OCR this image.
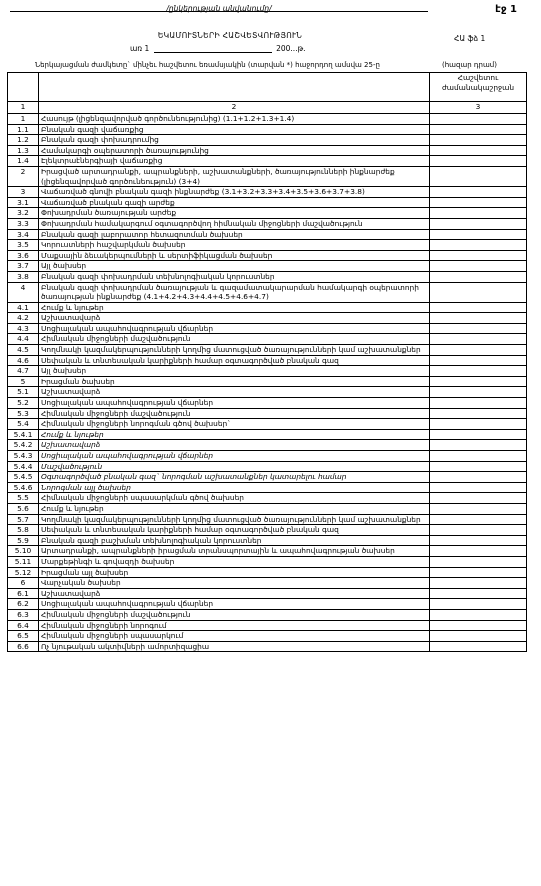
/ընկերության անվանումը/	էջ 1
ԵԿԱՄՈՒՏՆԵՐԻ ՀԱՇՎԵՏՎՈՒԹՅՈՒՆ
առ 1	200...թ.
ՀԱ ֆձ 1
Ներկայացման ժամկետը` մինչեւ հաշվետու եռամսյակին (տարվան *) հաջորդող ամսվա 25-ը	(հազար դրամ)
		Հաշվետու ժամանակաշրջան
1	2	3
1	Հասույթ (լիցենզավորված գործունեությունից) (1.1+1.2+1.3+1.4)	
1.1	Բնական գազի վաճառքից	
1.2	Բնական գազի փոխադրումից	
1.3	Համակարգի օպերատորի ծառայությունից	
1.4	Էլեկտրաէներգիայի վաճառքից	
2	Իրացված արտադրանքի, ապրանքների, աշխատանքների, ծառայությունների ինքնարժեք (լիցենզավորված գործունեություն) (3+4)	
3	Վաճառված գնովի բնական գազի ինքնարժեք (3.1+3.2+3.3+3.4+3.5+3.6+3.7+3.8)	
3.1	Վաճառված բնական գազի արժեք	
3.2	Փոխադրման ծառայության արժեք	
3.3	Փոխադրման համակարգում օգտագործվող հիմնական միջոցների մաշվածություն	
3.4	Բնական գազի լաբորատոր հետազոտման ծախսեր	
3.5	Կորուստների հաշվարկման ծախսեր	
3.6	Մաքսային ձեւակերպումների և սերտիֆիկացման ծախսեր	
3.7	Այլ ծախսեր	
3.8	Բնական գազի փոխադրման տեխնոլոգիական կորուստներ	
4	Բնական գազի փոխադրման ծառայության և գազամատակարարման համակարգի օպերատորի ծառայության ինքնարժեք (4.1+4.2+4.3+4.4+4.5+4.6+4.7)	
4.1	Հումք և նյութեր	
4.2	Աշխատավարձ	
4.3	Սոցիալական ապահովագրության վճարներ	
4.4	Հիմնական միջոցների մաշվածություն	
4.5	Կողմնակի կազմակերպությունների կողմից մատուցված ծառայությունների կամ աշխատանքներ	
4.6	Սեփական և տնտեսական կարիքների համար օգտագործված բնական գազ	
4.7	Այլ ծախսեր	
5	Իրացման ծախսեր	
5.1	Աշխատավարձ	
5.2	Սոցիալական ապահովագրության վճարներ	
5.3	Հիմնական միջոցների մաշվածություն	
5.4	Հիմնական միջոցների նորոգման գծով ծախսեր`	
5.4.1	Հումք և նյութեր	
5.4.2	Աշխատավարձ	
5.4.3	Սոցիալական ապահովագրության վճարներ	
5.4.4	Մաշվածություն	
5.4.5	Օգտագործված բնական գազ` նորոգման աշխատանքներ կատարելու համար	
5.4.6	Նորոգման այլ ծախսեր	
5.5	Հիմնական միջոցների սպասարկման գծով ծախսեր	
5.6	Հումք և նյութեր	
5.7	Կողմնակի կազմակերպությունների կողմից մատուցված ծառայությունների կամ աշխատանքներ	
5.8	Սեփական և տնտեսական կարիքների համար օգտագործված բնական գազ	
5.9	Բնական գազի բաշխման տեխնոլոգիական կորուստներ	
5.10	Արտադրանքի, ապրանքների իրացման տրանսպորտային և ապահովագրության ծախսեր	
5.11	Մարքեթինգի և գովազդի ծախսեր	
5.12	Իրացման այլ ծախսեր	
6	Վարչական ծախսեր	
6.1	Աշխատավարձ	
6.2	Սոցիալական ապահովագրության վճարներ	
6.3	Հիմնական միջոցների մաշվածություն	
6.4	Հիմնական միջոցների նորոգում	
6.5	Հիմնական միջոցների սպասարկում	
6.6	Ոչ նյութական ակտիվների ամորտիզացիա	
